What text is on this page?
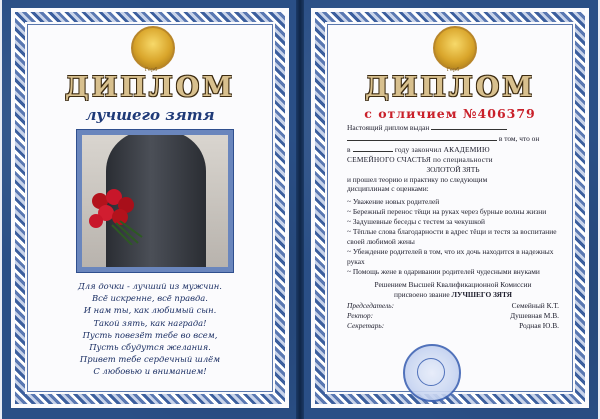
Герб
ДИПЛОМ
лучшего зятя
Для дочки - лучший из мужчин.
Всё искренне, всё правда.
И нам ты, как любимый сын.
Такой зять, как награда!
Пусть повезёт тебе во всем,
Пусть сбудутся желания.
Привет тебе сердечный шлём
С любовью и вниманием!
Герб
ДИПЛОМ
с отличием №406379
Настоящий диплом выдан
в том, что он
в	году закончил АКАДЕМИЮ
СЕМЕЙНОГО СЧАСТЬЯ по специальности
ЗОЛОТОЙ ЗЯТЬ
и прошел теорию и практику по следующим
дисциплинам с оценками:
~ Уважение новых родителей
~ Бережный перенос тёщи на руках через бурные волны жизни
~ Задушевные беседы с тестем за чекушкой
~ Тёплые слова благодарности в адрес тёщи и тестя за воспитание своей любимой жены
~ Убеждение родителей в том, что их дочь находится в надежных руках
~ Помощь жене в одаривании родителей чудесными внуками
Решением Высшей Квалификационной Комиссии
присвоено звание ЛУЧШЕГО ЗЯТЯ
Председатель:	Семейный К.Т.
Ректор:	Душевная М.В.
Секретарь:	Родная Ю.В.
